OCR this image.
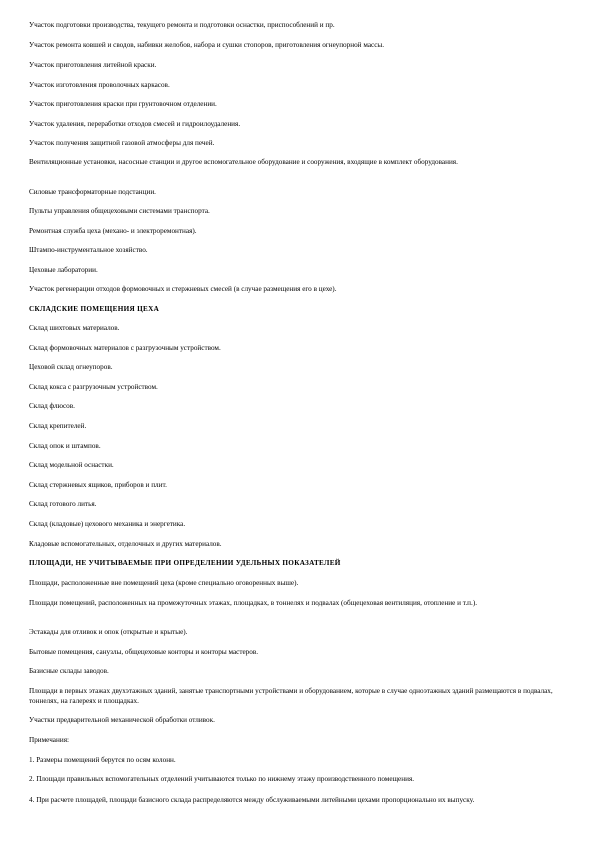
Участок подготовки производства, текущего ремонта и подготовки оснастки, приспособлений и пр.

Участок ремонта ковшей и сводов, набивки желобов, набора и сушки стопоров, приготовления огнеупорной массы.

Участок приготовления литейной краски.

Участок изготовления проволочных каркасов.

Участок приготовления краски при грунтовочном отделении.

Участок удаления, переработки отходов смесей и гидроилоудаления.

Участок получения защитной газовой атмосферы для печей.

Вентиляционные установки, насосные станции и другое вспомогательное оборудование и сооружения, входящие в комплект оборудования.

Силовые трансформаторные подстанции.

Пульты управления общецеховыми системами транспорта.

Ремонтная служба цеха (механо- и электроремонтная).

Штампо-инструментальное хозяйство.

Цеховые лаборатории.

Участок регенерации отходов формовочных и стержневых смесей (в случае размещения его в цехе).

СКЛАДСКИЕ ПОМЕЩЕНИЯ ЦЕХА

Склад шихтовых материалов.

Склад формовочных материалов с разгрузочным устройством.

Цеховой склад огнеупоров.

Склад кокса с разгрузочным устройством.

Склад флюсов.

Склад крепителей.

Склад опок и штампов.

Склад модельной оснастки.

Склад стержневых ящиков, приборов и плит.

Склад готового литья.

Склад (кладовые) цехового механика и энергетика.

Кладовые вспомогательных, отделочных и других материалов.

ПЛОЩАДИ, НЕ УЧИТЫВАЕМЫЕ ПРИ ОПРЕДЕЛЕНИИ УДЕЛЬНЫХ ПОКАЗАТЕЛЕЙ

Площади, расположенные вне помещений цеха (кроме специально оговоренных выше).

Площади помещений, расположенных на промежуточных этажах, площадках, в тоннелях и подвалах (общецеховая вентиляция, отопление и т.п.).

Эстакады для отливок и опок (открытые и крытые).

Бытовые помещения, санузлы, общецеховые конторы и конторы мастеров.

Базисные склады заводов.

Площади в первых этажах двухэтажных зданий, занятые транспортными устройствами и оборудованием, которые в случае одноэтажных зданий размещаются в подвалах, тоннелях, на галереях и площадках.

Участки предварительной механической обработки отливок.

Примечания:

1. Размеры помещений берутся по осям колонн.

2. Площади правильных вспомогательных отделений учитываются только по нижнему этажу производственного помещения.

4. При расчете площадей, площади базисного склада распределяются между обслуживаемыми литейными цехами пропорционально их выпуску.
